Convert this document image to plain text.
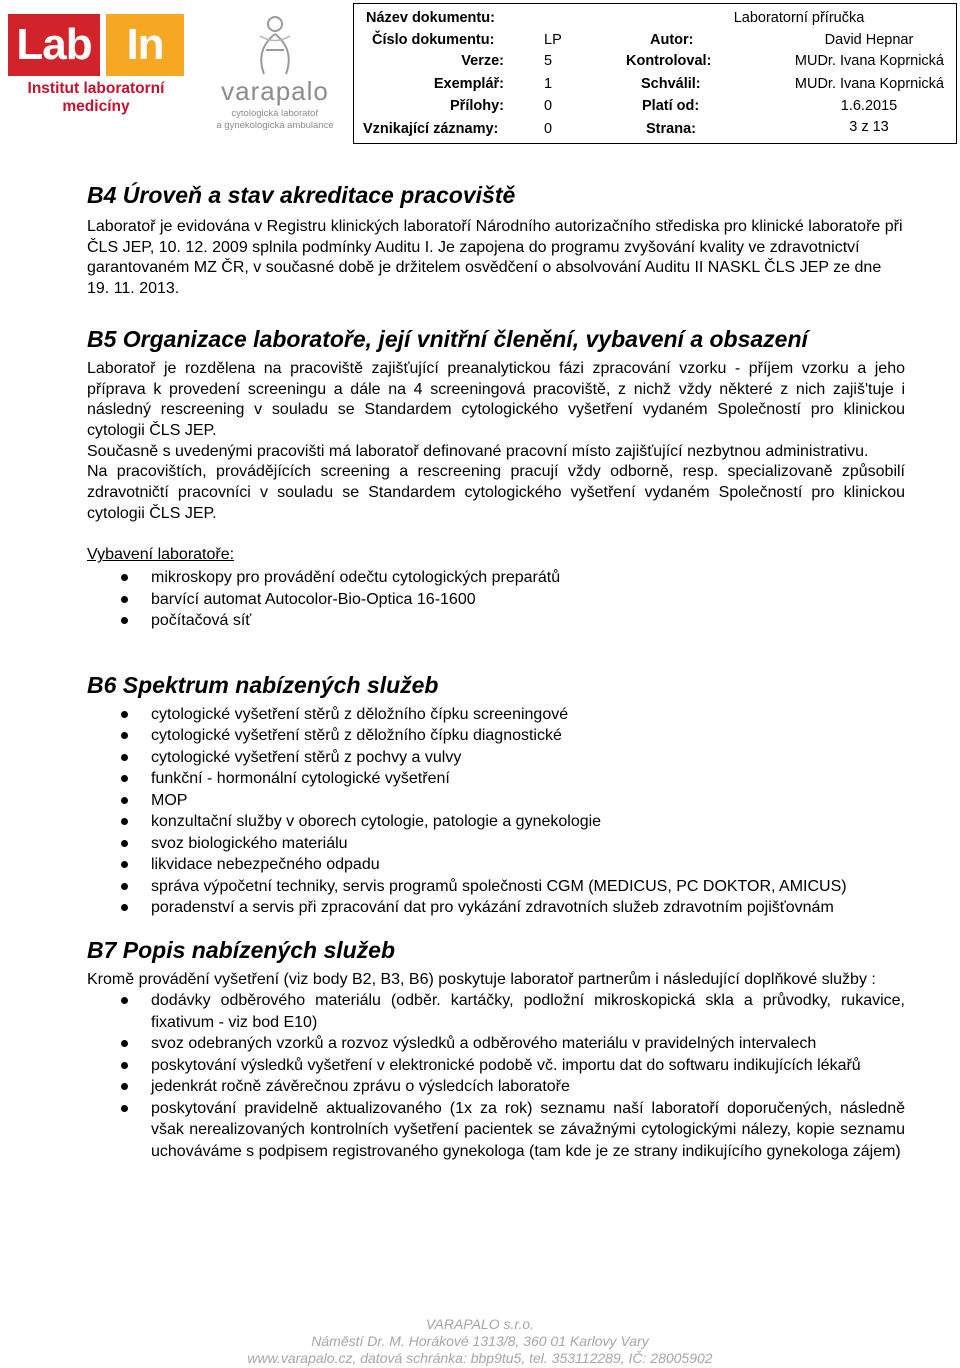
Lab In
Institut laboratorní
medicíny
varapalo
cytologická laboratoř
a gynekologická ambulance
Název dokumentu:	Laboratorní příručka
Číslo dokumentu:	LP	Autor:	David Hepnar
Verze:	5	Kontroloval:	MUDr. Ivana Koprnická
Exemplář:	1	Schválil:	MUDr. Ivana Koprnická
Přílohy:	0	Platí od:	1.6.2015
Vznikající záznamy:	0	Strana:	3 z 13
B4 Úroveň a stav akreditace pracoviště

Laboratoř je evidována v Registru klinických laboratoří Národního autorizačního střediska pro klinické laboratoře při ČLS JEP, 10. 12. 2009 splnila podmínky Auditu I. Je zapojena do programu zvyšování kvality ve zdravotnictví garantovaném MZ ČR, v současné době je držitelem osvědčení o absolvování Auditu II NASKL ČLS JEP ze dne 19. 11. 2013.

B5 Organizace laboratoře, její vnitřní členění, vybavení a obsazení

Laboratoř je rozdělena na pracoviště zajišťující preanalytickou fázi zpracování vzorku - příjem vzorku a jeho příprava k provedení screeningu a dále na 4 screeningová pracoviště, z nichž vždy některé z nich zajiš'tuje i následný rescreening v souladu se Standardem cytologického vyšetření vydaném Společností pro klinickou cytologii ČLS JEP.

Současně s uvedenými pracovišti má laboratoř definované pracovní místo zajišťující nezbytnou administrativu.

Na pracovištích, provádějících screening a rescreening pracují vždy odborně, resp. specializovaně způsobilí zdravotničtí pracovníci v souladu se Standardem cytologického vyšetření vydaném Společností pro klinickou cytologii ČLS JEP.

Vybavení laboratoře:

mikroskopy pro provádění odečtu cytologických preparátů
barvící automat Autocolor-Bio-Optica 16-1600
počítačová síť
B6 Spektrum nabízených služeb
cytologické vyšetření stěrů z děložního čípku screeningové
cytologické vyšetření stěrů z děložního čípku diagnostické
cytologické vyšetření stěrů z pochvy a vulvy
funkční - hormonální cytologické vyšetření
MOP
konzultační služby v oborech cytologie, patologie a gynekologie
svoz biologického materiálu
likvidace nebezpečného odpadu
správa výpočetní techniky, servis programů společnosti CGM (MEDICUS, PC DOKTOR, AMICUS)
poradenství a servis při zpracování dat pro vykázání zdravotních služeb zdravotním pojišťovnám
B7 Popis nabízených služeb

Kromě provádění vyšetření (viz body B2, B3, B6) poskytuje laboratoř partnerům i následující doplňkové služby :

dodávky odběrového materiálu (odběr. kartáčky, podložní mikroskopická skla a průvodky, rukavice, fixativum - viz bod E10)
svoz odebraných vzorků a rozvoz výsledků a odběrového materiálu v pravidelných intervalech
poskytování výsledků vyšetření v elektronické podobě vč. importu dat do softwaru indikujících lékařů
jedenkrát ročně závěrečnou zprávu o výsledcích laboratoře
poskytování pravidelně aktualizovaného (1x za rok) seznamu naší laboratoří doporučených, následně však nerealizovaných kontrolních vyšetření pacientek se závažnými cytologickými nálezy, kopie seznamu uchováváme s podpisem registrovaného gynekologa (tam kde je ze strany indikujícího gynekologa zájem)
VARAPALO s.r.o.
Náměstí Dr. M. Horákové 1313/8, 360 01 Karlovy Vary
www.varapalo.cz, datová schránka: bbp9tu5, tel. 353112289, IČ: 28005902
